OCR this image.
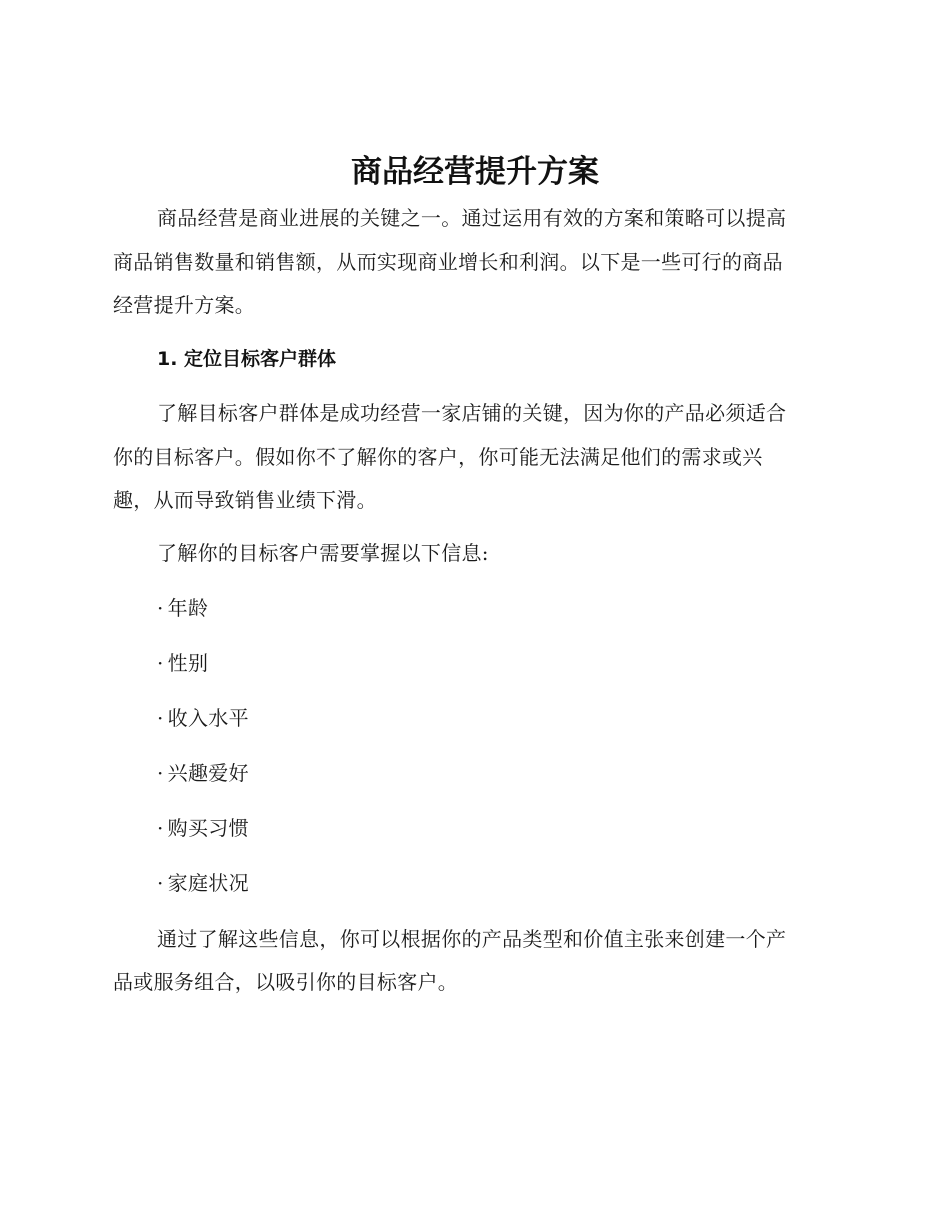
商品经营提升方案

商品经营是商业进展的关键之一。通过运用有效的方案和策略可以提高

商品销售数量和销售额，从而实现商业增长和利润。以下是一些可行的商品

经营提升方案。

1. 定位目标客户群体

了解目标客户群体是成功经营一家店铺的关键，因为你的产品必须适合

你的目标客户。假如你不了解你的客户，你可能无法满足他们的需求或兴

趣，从而导致销售业绩下滑。

了解你的目标客户需要掌握以下信息:

· 年龄

· 性别

· 收入水平

· 兴趣爱好

· 购买习惯

· 家庭状况

通过了解这些信息，你可以根据你的产品类型和价值主张来创建一个产

品或服务组合，以吸引你的目标客户。
